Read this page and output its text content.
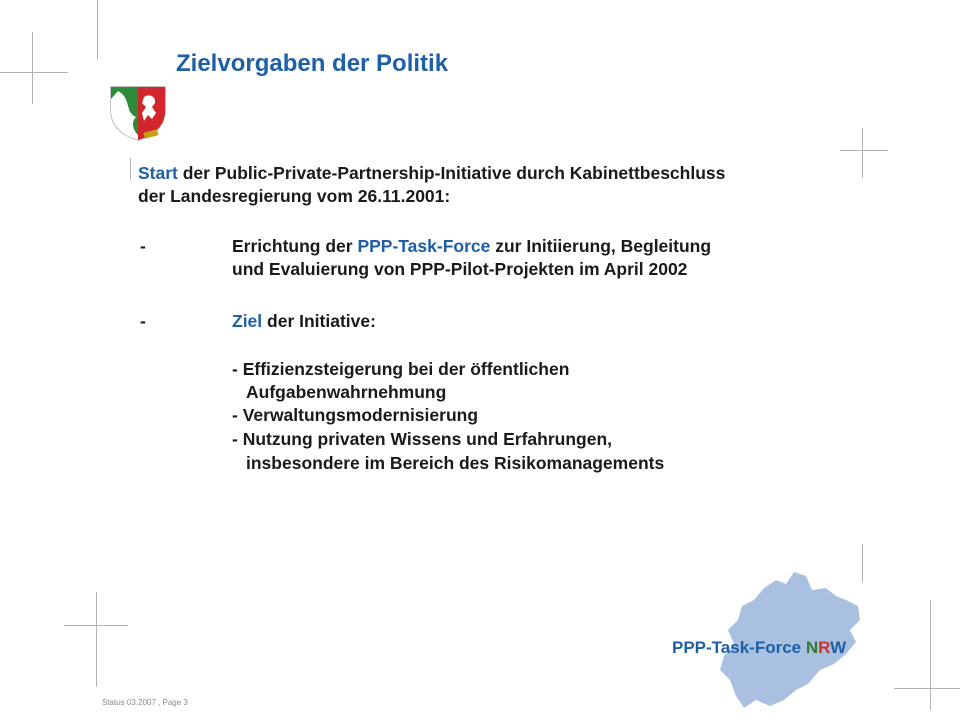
Zielvorgaben der Politik
Start der Public-Private-Partnership-Initiative durch Kabinettbeschluss
der Landesregierung vom 26.11.2001:
-	Errichtung der PPP-Task-Force zur Initiierung, Begleitung
und Evaluierung von PPP-Pilot-Projekten im April 2002
-	Ziel der Initiative:
- Effizienzsteigerung bei der öffentlichen
Aufgabenwahrnehmung
- Verwaltungsmodernisierung
- Nutzung privaten Wissens und Erfahrungen,
insbesondere im Bereich des Risikomanagements
PPP-Task-Force NRW
Status 03.2007 , Page 3
